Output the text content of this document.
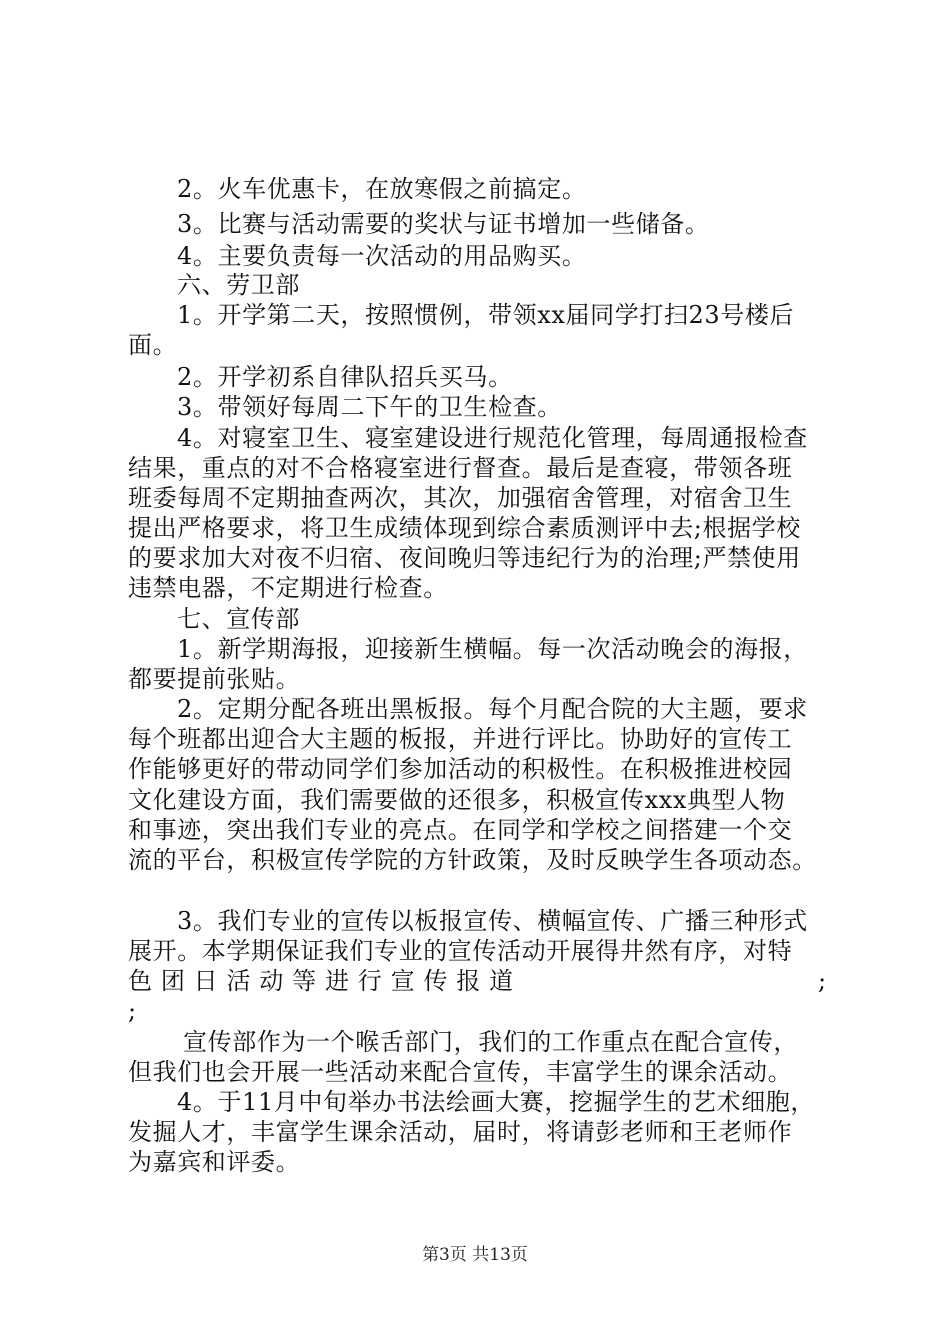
2。火车优惠卡，在放寒假之前搞定。
3。比赛与活动需要的奖状与证书增加一些储备。
4。主要负责每一次活动的用品购买。
六、劳卫部
1。开学第二天，按照惯例，带领xx届同学打扫23号楼后
面。
2。开学初系自律队招兵买马。
3。带领好每周二下午的卫生检查。
4。对寝室卫生、寝室建设进行规范化管理，每周通报检查
结果，重点的对不合格寝室进行督查。最后是查寝，带领各班
班委每周不定期抽查两次，其次，加强宿舍管理，对宿舍卫生
提出严格要求，将卫生成绩体现到综合素质测评中去;根据学校
的要求加大对夜不归宿、夜间晚归等违纪行为的治理;严禁使用
违禁电器，不定期进行检查。
七、宣传部
1。新学期海报，迎接新生横幅。每一次活动晚会的海报，
都要提前张贴。
2。定期分配各班出黑板报。每个月配合院的大主题，要求
每个班都出迎合大主题的板报，并进行评比。协助好的宣传工
作能够更好的带动同学们参加活动的积极性。在积极推进校园
文化建设方面，我们需要做的还很多，积极宣传xxx典型人物
和事迹，突出我们专业的亮点。在同学和学校之间搭建一个交
流的平台，积极宣传学院的方针政策，及时反映学生各项动态。
3。我们专业的宣传以板报宣传、横幅宣传、广播三种形式
展开。本学期保证我们专业的宣传活动开展得井然有序，对特
色 团 日 活 动 等 进 行 宣 传 报 道	;
;
宣传部作为一个喉舌部门，我们的工作重点在配合宣传，
但我们也会开展一些活动来配合宣传，丰富学生的课余活动。
4。于11月中旬举办书法绘画大赛，挖掘学生的艺术细胞，
发掘人才，丰富学生课余活动，届时，将请彭老师和王老师作
为嘉宾和评委。
第3页 共13页
